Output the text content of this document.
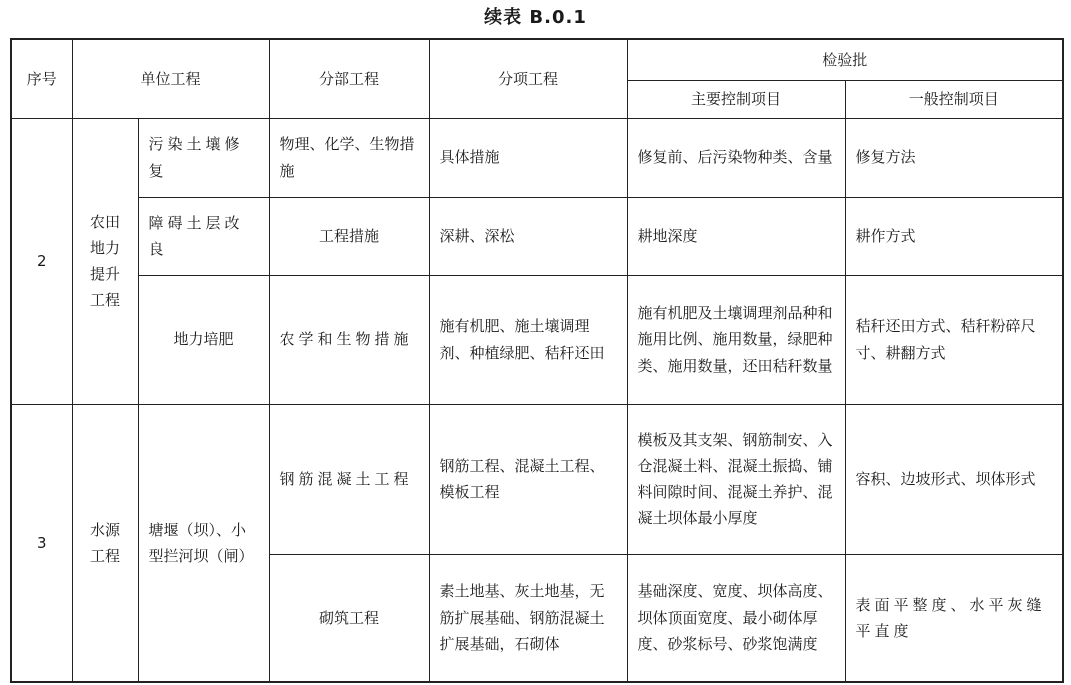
续表 B.0.1
序号	单位工程		分部工程	分项工程	检验批	
					主要控制项目	一般控制项目
2	农田地力提升工程	污染土壤修复	物理、化学、生物措施	具体措施	修复前、后污染物种类、含量	修复方法
		障碍土层改良	工程措施	深耕、深松	耕地深度	耕作方式
		地力培肥	农学和生物措施	施有机肥、施土壤调理剂、种植绿肥、秸秆还田	施有机肥及土壤调理剂品种和施用比例、施用数量，绿肥种类、施用数量，还田秸秆数量	秸秆还田方式、秸秆粉碎尺寸、耕翻方式
3	水源工程	塘堰（坝）、小型拦河坝（闸）	钢筋混凝土工程	钢筋工程、混凝土工程、模板工程	模板及其支架、钢筋制安、入仓混凝土料、混凝土振捣、铺料间隙时间、混凝土养护、混凝土坝体最小厚度	容积、边坡形式、坝体形式
			砌筑工程	素土地基、灰土地基，无筋扩展基础、钢筋混凝土扩展基础，石砌体	基础深度、宽度、坝体高度、坝体顶面宽度、最小砌体厚度、砂浆标号、砂浆饱满度	表面平整度、水平灰缝平直度
